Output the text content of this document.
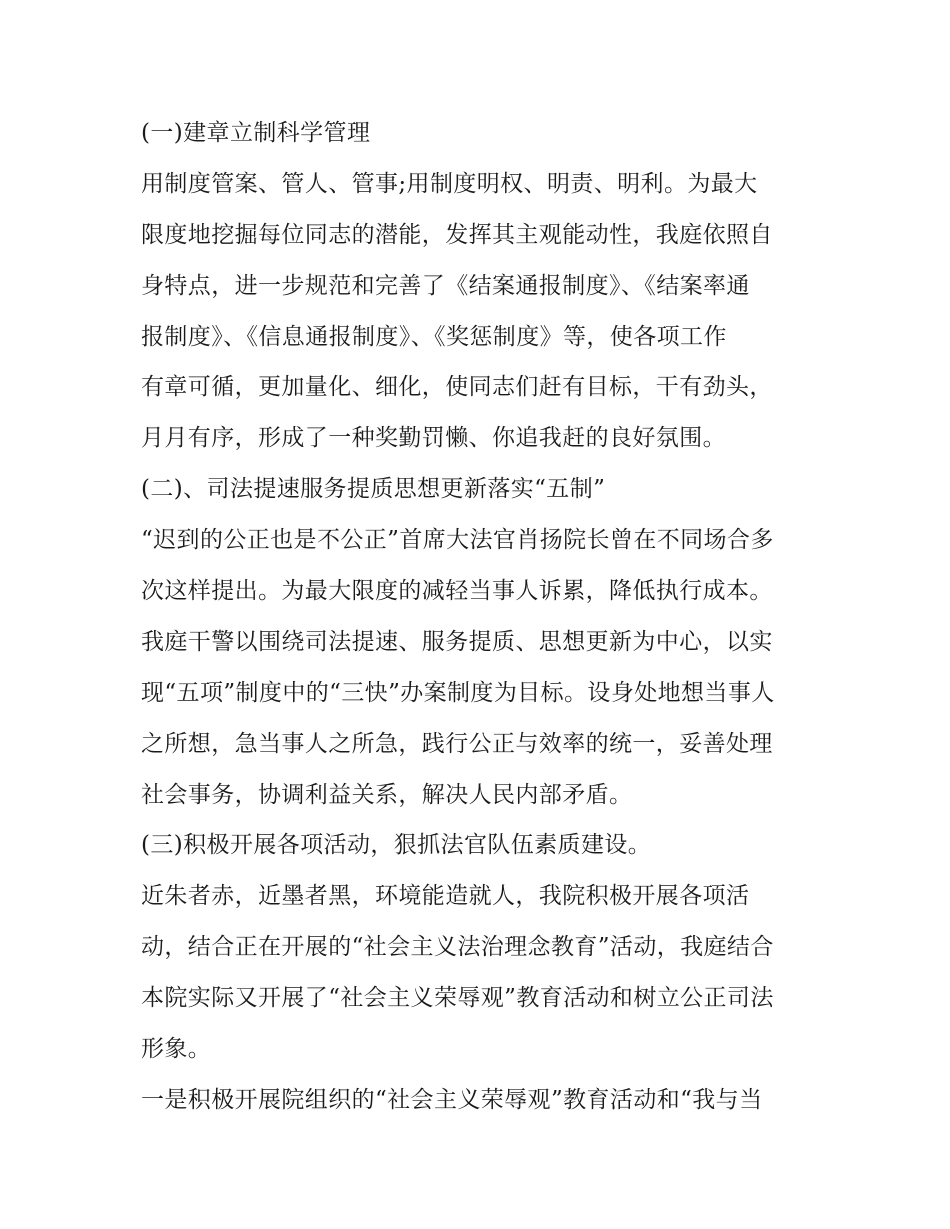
(一)建章立制科学管理
用制度管案、管人、管事;用制度明权、明责、明利。为最大
限度地挖掘每位同志的潜能，发挥其主观能动性，我庭依照自
身特点，进一步规范和完善了《结案通报制度》、《结案率通
报制度》、《信息通报制度》、《奖惩制度》等，使各项工作
有章可循，更加量化、细化，使同志们赶有目标，干有劲头，
月月有序，形成了一种奖勤罚懒、你追我赶的良好氛围。
(二)、司法提速服务提质思想更新落实“五制”
“迟到的公正也是不公正”首席大法官肖扬院长曾在不同场合多
次这样提出。为最大限度的减轻当事人诉累，降低执行成本。
我庭干警以围绕司法提速、服务提质、思想更新为中心，以实
现“五项”制度中的“三快”办案制度为目标。设身处地想当事人
之所想，急当事人之所急，践行公正与效率的统一，妥善处理
社会事务，协调利益关系，解决人民内部矛盾。
(三)积极开展各项活动，狠抓法官队伍素质建设。
近朱者赤，近墨者黑，环境能造就人，我院积极开展各项活
动，结合正在开展的“社会主义法治理念教育”活动，我庭结合
本院实际又开展了“社会主义荣辱观”教育活动和树立公正司法
形象。
一是积极开展院组织的“社会主义荣辱观”教育活动和“我与当
